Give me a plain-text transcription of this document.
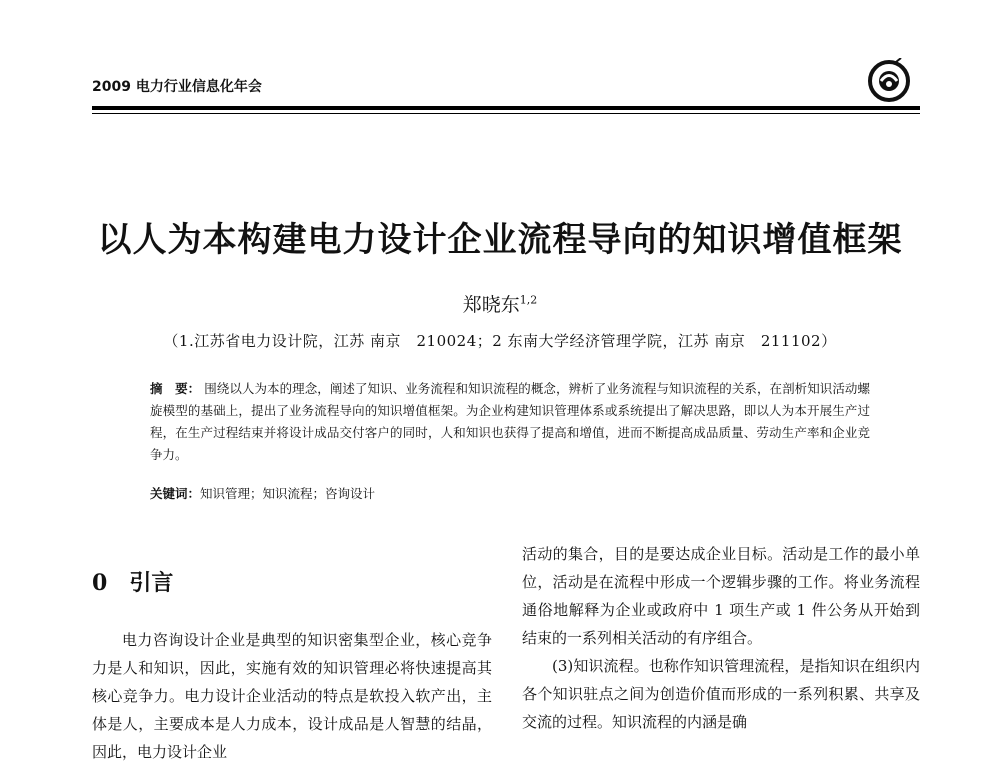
2009 电力行业信息化年会
以人为本构建电力设计企业流程导向的知识增值框架
郑晓东$^{1,2}$
（1.江苏省电力设计院，江苏 南京　210024；2 东南大学经济管理学院，江苏 南京　211102）
摘　要： 围绕以人为本的理念，阐述了知识、业务流程和知识流程的概念，辨析了业务流程与知识流程的关系，在剖析知识活动螺旋模型的基础上，提出了业务流程导向的知识增值框架。为企业构建知识管理体系或系统提出了解决思路，即以人为本开展生产过程，在生产过程结束并将设计成品交付客户的同时，人和知识也获得了提高和增值，进而不断提高成品质量、劳动生产率和企业竞争力。
关键词：知识管理；知识流程；咨询设计
0 引言

电力咨询设计企业是典型的知识密集型企业，核心竞争力是人和知识，因此，实施有效的知识管理必将快速提高其核心竞争力。电力设计企业活动的特点是软投入软产出，主体是人，主要成本是人力成本，设计成品是人智慧的结晶，因此，电力设计企业

活动的集合，目的是要达成企业目标。活动是工作的最小单位，活动是在流程中形成一个逻辑步骤的工作。将业务流程通俗地解释为企业或政府中 1 项生产或 1 件公务从开始到结束的一系列相关活动的有序组合。

(3)知识流程。也称作知识管理流程，是指知识在组织内各个知识驻点之间为创造价值而形成的一系列积累、共享及交流的过程。知识流程的内涵是确
